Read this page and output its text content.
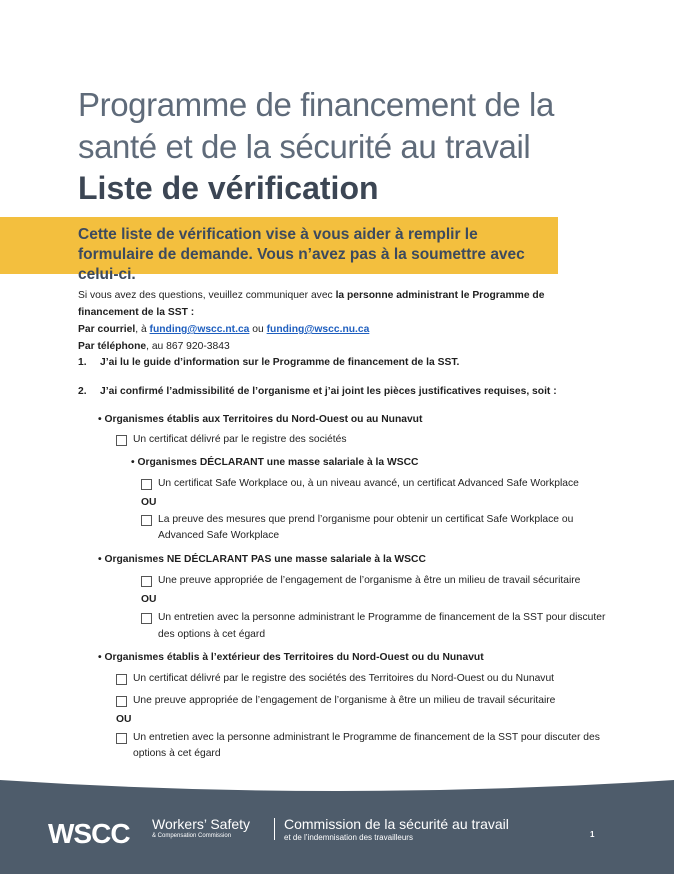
Programme de financement de la santé et de la sécurité au travail
Liste de vérification
Cette liste de vérification vise à vous aider à remplir le formulaire de demande. Vous n’avez pas à la soumettre avec celui-ci.
Si vous avez des questions, veuillez communiquer avec la personne administrant le Programme de financement de la SST :
Par courriel, à funding@wscc.nt.ca ou funding@wscc.nu.ca
Par téléphone, au 867 920-3843
1. J’ai lu le guide d’information sur le Programme de financement de la SST.
2. J’ai confirmé l’admissibilité de l’organisme et j’ai joint les pièces justificatives requises, soit :
• Organismes établis aux Territoires du Nord-Ouest ou au Nunavut
Un certificat délivré par le registre des sociétés
• Organismes DÉCLARANT une masse salariale à la WSCC
Un certificat Safe Workplace ou, à un niveau avancé, un certificat Advanced Safe Workplace
OU
La preuve des mesures que prend l’organisme pour obtenir un certificat Safe Workplace ou
Advanced Safe Workplace
• Organismes NE DÉCLARANT PAS une masse salariale à la WSCC
Une preuve appropriée de l’engagement de l’organisme à être un milieu de travail sécuritaire
OU
Un entretien avec la personne administrant le Programme de financement de la SST pour discuter
des options à cet égard
• Organismes établis à l’extérieur des Territoires du Nord-Ouest ou du Nunavut
Un certificat délivré par le registre des sociétés des Territoires du Nord-Ouest ou du Nunavut
Une preuve appropriée de l’engagement de l’organisme à être un milieu de travail sécuritaire
OU
Un entretien avec la personne administrant le Programme de financement de la SST pour discuter des
options à cet égard
WSCC Workers’ Safety
& Compensation Commission
Commission de la sécurité au travail
et de l’indemnisation des travailleurs	1
